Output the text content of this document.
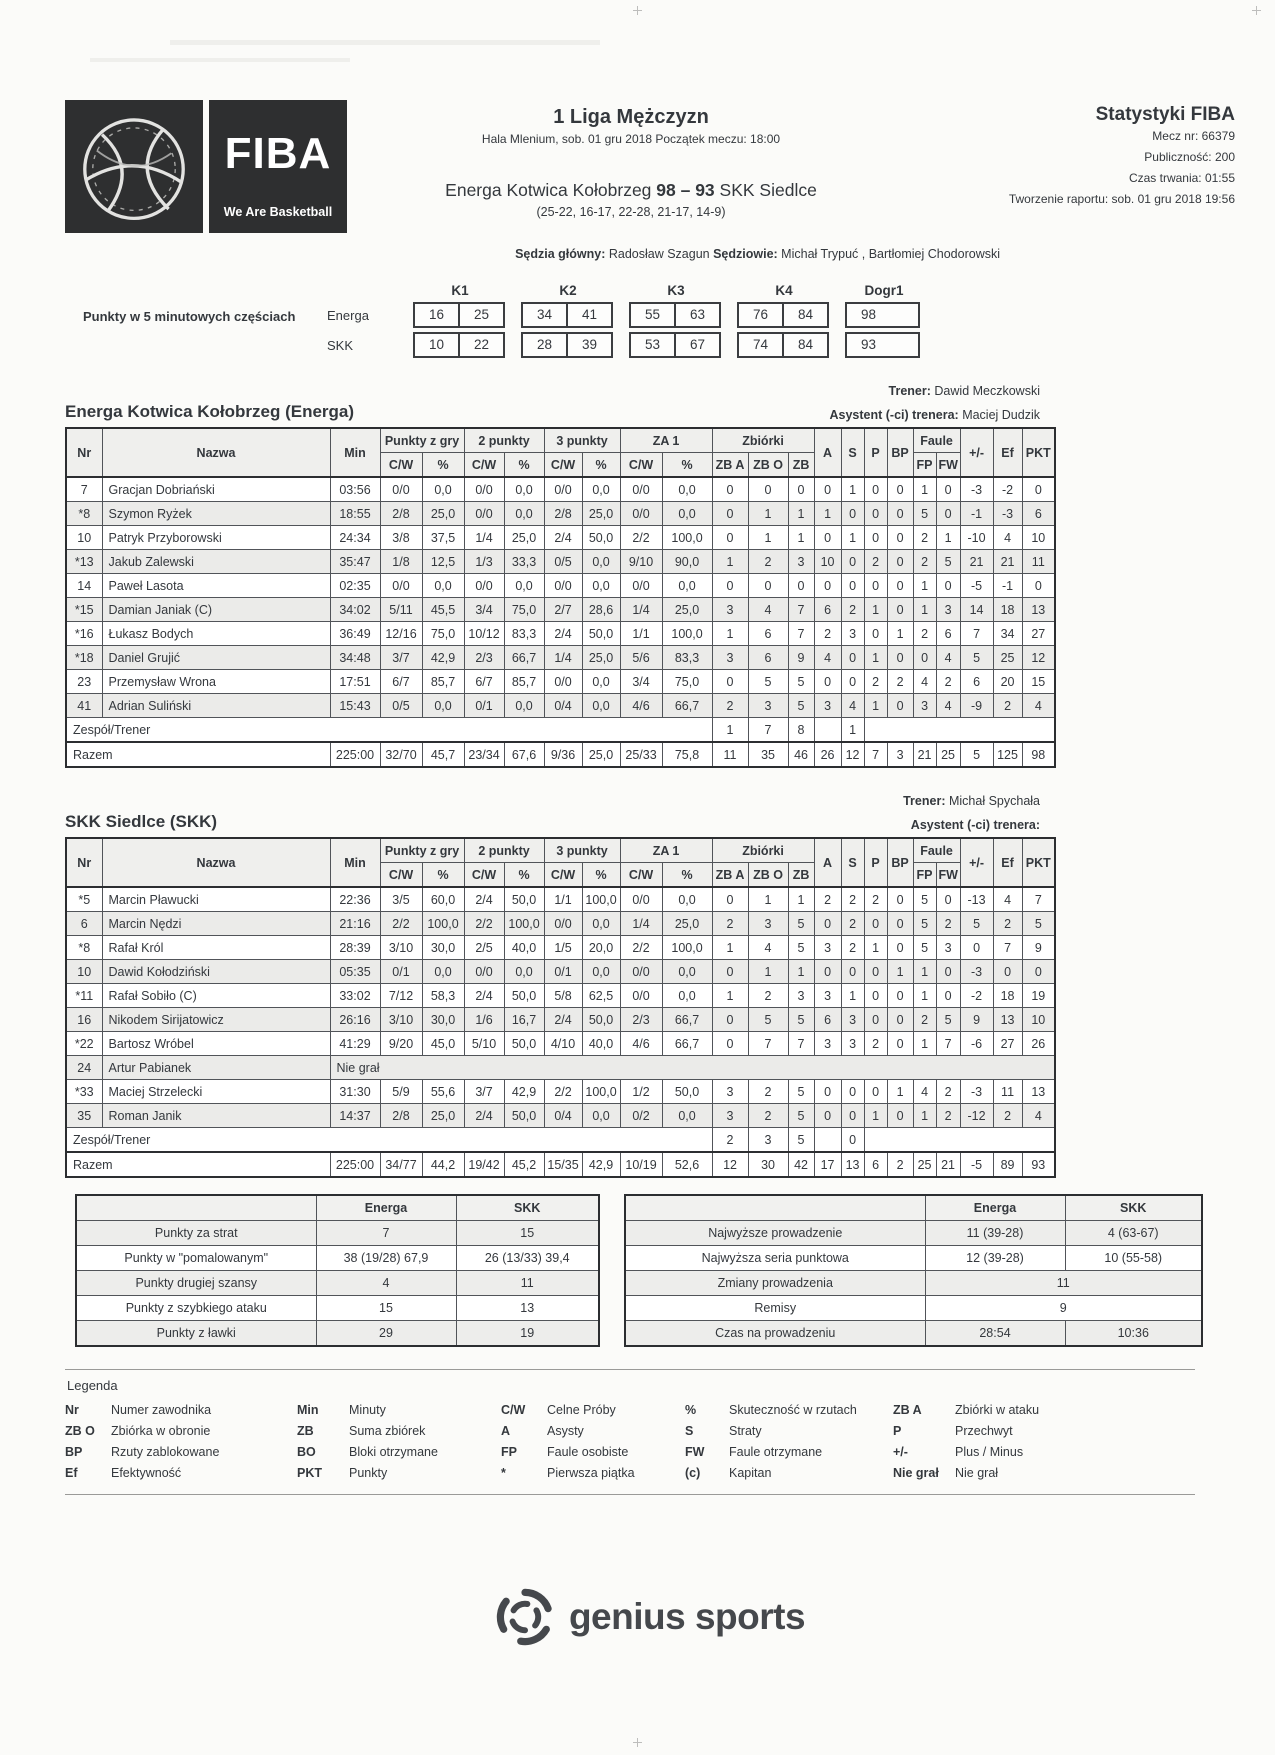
FIBA
We Are Basketball
1 Liga Mężczyzn
Hala Mlenium, sob. 01 gru 2018 Początek meczu: 18:00
Energa Kotwica Kołobrzeg 98 – 93 SKK Siedlce
(25-22, 16-17, 22-28, 21-17, 14-9)
Statystyki FIBA
Mecz nr: 66379
Publiczność: 200
Czas trwania: 01:55
Tworzenie raportu: sob. 01 gru 2018 19:56
Sędzia główny: Radosław Szagun Sędziowie: Michał Trypuć , Bartłomiej Chodorowski
Punkty w 5 minutowych częściach
K1	K2	K3	K4	Dogr1
Energa	16	25	34	41	55	63	76	84	98
SKK	10	22	28	39	53	67	74	84	93
Trener: Dawid Meczkowski
Energa Kotwica Kołobrzeg (Energa)	Asystent (-ci) trenera: Maciej Dudzik
Nr	Nazwa	Min	Punkty z gry		2 punkty		3 punkty		ZA 1		Zbiórki			A	S	P	BP	Faule		+/-	Ef	PKT
			C/W	%	C/W	%	C/W	%	C/W	%	ZB A	ZB O	ZB					FP	FW			
7	Gracjan Dobriański	03:56	0/0	0,0	0/0	0,0	0/0	0,0	0/0	0,0	0	0	0	0	1	0	0	1	0	-3	-2	0
*8	Szymon Ryżek	18:55	2/8	25,0	0/0	0,0	2/8	25,0	0/0	0,0	0	1	1	1	0	0	0	5	0	-1	-3	6
10	Patryk Przyborowski	24:34	3/8	37,5	1/4	25,0	2/4	50,0	2/2	100,0	0	1	1	0	1	0	0	2	1	-10	4	10
*13	Jakub Zalewski	35:47	1/8	12,5	1/3	33,3	0/5	0,0	9/10	90,0	1	2	3	10	0	2	0	2	5	21	21	11
14	Paweł Lasota	02:35	0/0	0,0	0/0	0,0	0/0	0,0	0/0	0,0	0	0	0	0	0	0	0	1	0	-5	-1	0
*15	Damian Janiak (C)	34:02	5/11	45,5	3/4	75,0	2/7	28,6	1/4	25,0	3	4	7	6	2	1	0	1	3	14	18	13
*16	Łukasz Bodych	36:49	12/16	75,0	10/12	83,3	2/4	50,0	1/1	100,0	1	6	7	2	3	0	1	2	6	7	34	27
*18	Daniel Grujić	34:48	3/7	42,9	2/3	66,7	1/4	25,0	5/6	83,3	3	6	9	4	0	1	0	0	4	5	25	12
23	Przemysław Wrona	17:51	6/7	85,7	6/7	85,7	0/0	0,0	3/4	75,0	0	5	5	0	0	2	2	4	2	6	20	15
41	Adrian Suliński	15:43	0/5	0,0	0/1	0,0	0/4	0,0	4/6	66,7	2	3	5	3	4	1	0	3	4	-9	2	4
Zespół/Trener											1	7	8		1							
Razem		225:00	32/70	45,7	23/34	67,6	9/36	25,0	25/33	75,8	11	35	46	26	12	7	3	21	25	5	125	98
Trener: Michał Spychała
SKK Siedlce (SKK)	Asystent (-ci) trenera:
Nr	Nazwa	Min	Punkty z gry		2 punkty		3 punkty		ZA 1		Zbiórki			A	S	P	BP	Faule		+/-	Ef	PKT
			C/W	%	C/W	%	C/W	%	C/W	%	ZB A	ZB O	ZB					FP	FW			
*5	Marcin Pławucki	22:36	3/5	60,0	2/4	50,0	1/1	100,0	0/0	0,0	0	1	1	2	2	2	0	5	0	-13	4	7
6	Marcin Nędzi	21:16	2/2	100,0	2/2	100,0	0/0	0,0	1/4	25,0	2	3	5	0	2	0	0	5	2	5	2	5
*8	Rafał Król	28:39	3/10	30,0	2/5	40,0	1/5	20,0	2/2	100,0	1	4	5	3	2	1	0	5	3	0	7	9
10	Dawid Kołodziński	05:35	0/1	0,0	0/0	0,0	0/1	0,0	0/0	0,0	0	1	1	0	0	0	1	1	0	-3	0	0
*11	Rafał Sobiło (C)	33:02	7/12	58,3	2/4	50,0	5/8	62,5	0/0	0,0	1	2	3	3	1	0	0	1	0	-2	18	19
16	Nikodem Sirijatowicz	26:16	3/10	30,0	1/6	16,7	2/4	50,0	2/3	66,7	0	5	5	6	3	0	0	2	5	9	13	10
*22	Bartosz Wróbel	41:29	9/20	45,0	5/10	50,0	4/10	40,0	4/6	66,7	0	7	7	3	3	2	0	1	7	-6	27	26
24	Artur Pabianek	Nie grał																				
*33	Maciej Strzelecki	31:30	5/9	55,6	3/7	42,9	2/2	100,0	1/2	50,0	3	2	5	0	0	0	1	4	2	-3	11	13
35	Roman Janik	14:37	2/8	25,0	2/4	50,0	0/4	0,0	0/2	0,0	3	2	5	0	0	1	0	1	2	-12	2	4
Zespół/Trener											2	3	5		0							
Razem		225:00	34/77	44,2	19/42	45,2	15/35	42,9	10/19	52,6	12	30	42	17	13	6	2	25	21	-5	89	93
	Energa	SKK
Punkty za strat	7	15
Punkty w "pomalowanym"	38 (19/28) 67,9	26 (13/33) 39,4
Punkty drugiej szansy	4	11
Punkty z szybkiego ataku	15	13
Punkty z ławki	29	19
	Energa	SKK
Najwyższe prowadzenie	11 (39-28)	4 (63-67)
Najwyższa seria punktowa	12 (39-28)	10 (55-58)
Zmiany prowadzenia	11	
Remisy	9	
Czas na prowadzeniu	28:54	10:36
Legenda
Nr	Numer zawodnika	Min	Minuty	C/W	Celne Próby	%	Skuteczność w rzutach	ZB A	Zbiórki w ataku
ZB O	Zbiórka w obronie	ZB	Suma zbiórek	A	Asysty	S	Straty	P	Przechwyt
BP	Rzuty zablokowane	BO	Bloki otrzymane	FP	Faule osobiste	FW	Faule otrzymane	+/-	Plus / Minus
Ef	Efektywność	PKT	Punkty	*	Pierwsza piątka	(c)	Kapitan	Nie grał	Nie grał
genius sports
